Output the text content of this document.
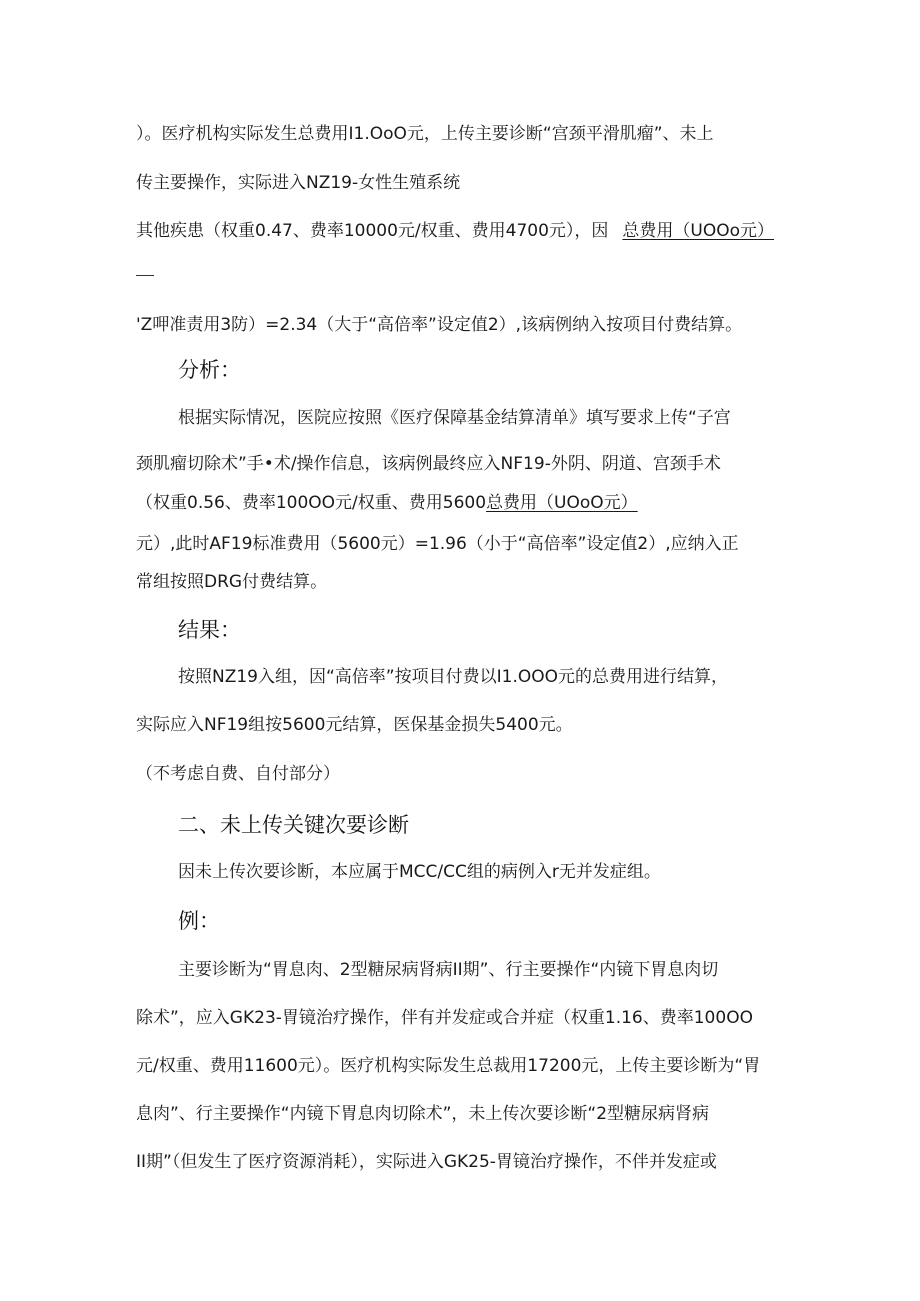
）。医疗机构实际发生总费用I1.OoO元，上传主要诊断“宫颈平滑肌瘤”、未上
传主要操作，实际进入NZ19-女性生殖系统
其他疾患（权重0.47、费率10000元/权重、费用4700元），因 总费用（UOOo元）
'Z呷准责用3防）=2.34（大于“高倍率”设定值2）,该病例纳入按项目付费结算。
分析：
根据实际情况，医院应按照《医疗保障基金结算清单》填写要求上传“子宫
颈肌瘤切除术”手•术/操作信息，该病例最终应入NF19-外阴、阴道、宫颈手术
（权重0.56、费率100OO元/权重、费用5600总费用（UOoO元）
元）,此时AF19标准费用（5600元）=1.96（小于“高倍率”设定值2）,应纳入正
常组按照DRG付费结算。
结果：
按照NZ19入组，因“高倍率”按项目付费以I1.OOO元的总费用进行结算，
实际应入NF19组按5600元结算，医保基金损失5400元。
（不考虑自费、自付部分）
二、未上传关键次要诊断
因未上传次要诊断，本应属于MCC/CC组的病例入r无并发症组。
例：
主要诊断为“胃息肉、2型糖尿病肾病II期”、行主要操作“内镜下胃息肉切
除术”，应入GK23-胃镜治疗操作，伴有并发症或合并症（权重1.16、费率100OO
元/权重、费用11600元）。医疗机构实际发生总裁用17200元，上传主要诊断为“胃
息肉”、行主要操作“内镜下胃息肉切除术”，未上传次要诊断“2型糖尿病肾病
II期”（但发生了医疗资源消耗），实际进入GK25-胃镜治疗操作，不伴并发症或
